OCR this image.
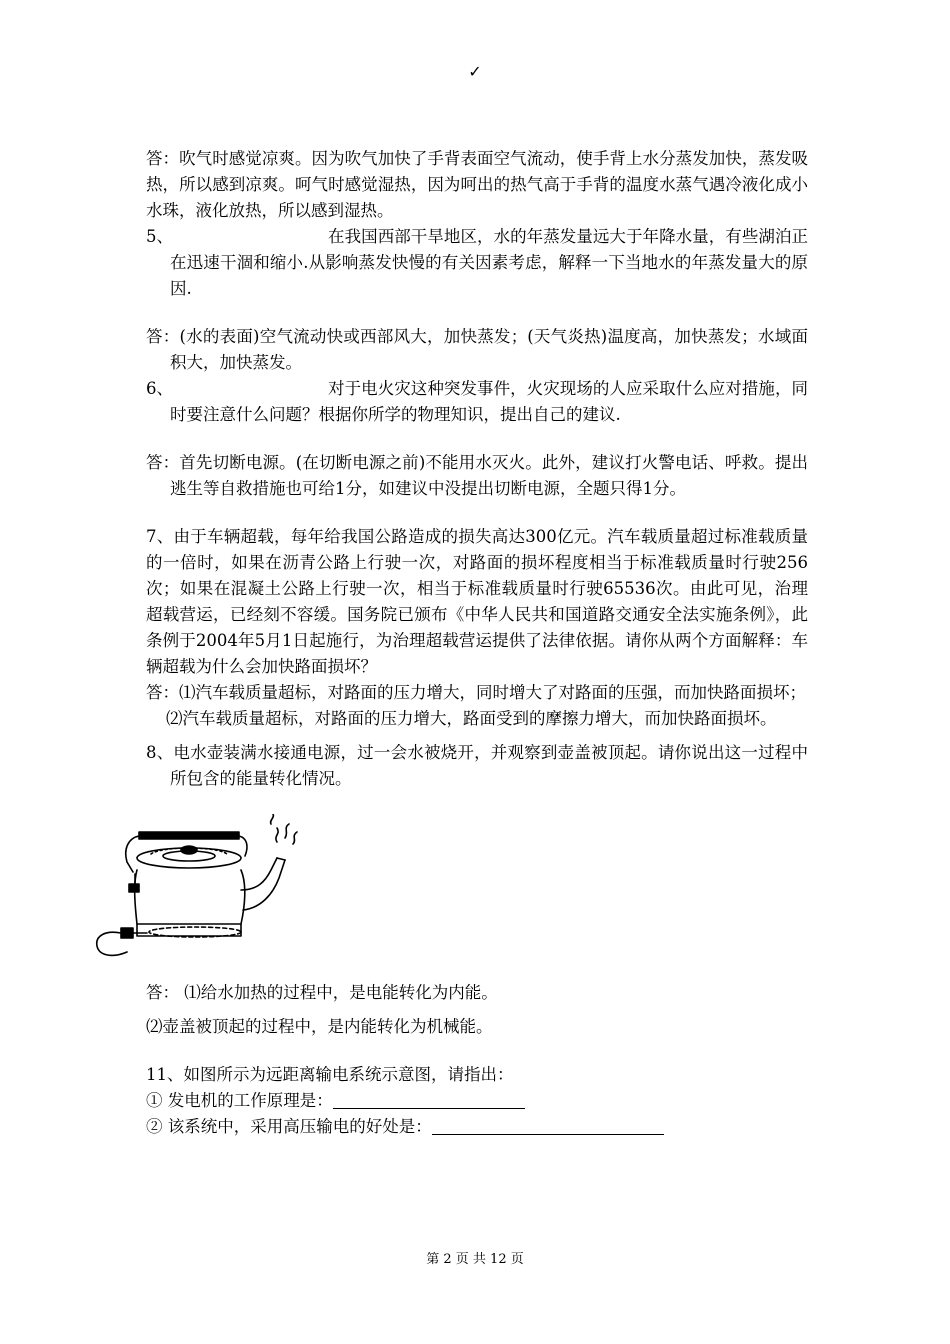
✓

答：吹气时感觉凉爽。因为吹气加快了手背表面空气流动，使手背上水分蒸发加快，蒸发吸热，所以感到凉爽。呵气时感觉湿热，因为呵出的热气高于手背的温度水蒸气遇冷液化成小水珠，液化放热，所以感到湿热。

5、	在我国西部干旱地区，水的年蒸发量远大于年降水量，有些湖泊正在迅速干涸和缩小.从影响蒸发快慢的有关因素考虑，解释一下当地水的年蒸发量大的原因.

答：(水的表面)空气流动快或西部风大，加快蒸发；(天气炎热)温度高，加快蒸发；水域面积大，加快蒸发。

6、	对于电火灾这种突发事件，火灾现场的人应采取什么应对措施，同时要注意什么问题？根据你所学的物理知识，提出自己的建议.

答：首先切断电源。(在切断电源之前)不能用水灭火。此外，建议打火警电话、呼救。提出逃生等自救措施也可给1分，如建议中没提出切断电源，全题只得1分。

7、由于车辆超载，每年给我国公路造成的损失高达300亿元。汽车载质量超过标准载质量的一倍时，如果在沥青公路上行驶一次，对路面的损坏程度相当于标准载质量时行驶256次；如果在混凝土公路上行驶一次，相当于标准载质量时行驶65536次。由此可见，治理超载营运，已经刻不容缓。国务院已颁布《中华人民共和国道路交通安全法实施条例》，此条例于2004年5月1日起施行，为治理超载营运提供了法律依据。请你从两个方面解释：车辆超载为什么会加快路面损坏？

答：⑴汽车载质量超标，对路面的压力增大，同时增大了对路面的压强，而加快路面损坏；

⑵汽车载质量超标，对路面的压力增大，路面受到的摩擦力增大，而加快路面损坏。

8、电水壶装满水接通电源，过一会水被烧开，并观察到壶盖被顶起。请你说出这一过程中所包含的能量转化情况。

答： ⑴给水加热的过程中，是电能转化为内能。

⑵壶盖被顶起的过程中，是内能转化为机械能。

11、如图所示为远距离输电系统示意图，请指出：

① 发电机的工作原理是：

② 该系统中，采用高压输电的好处是：

第 2 页 共 12 页
